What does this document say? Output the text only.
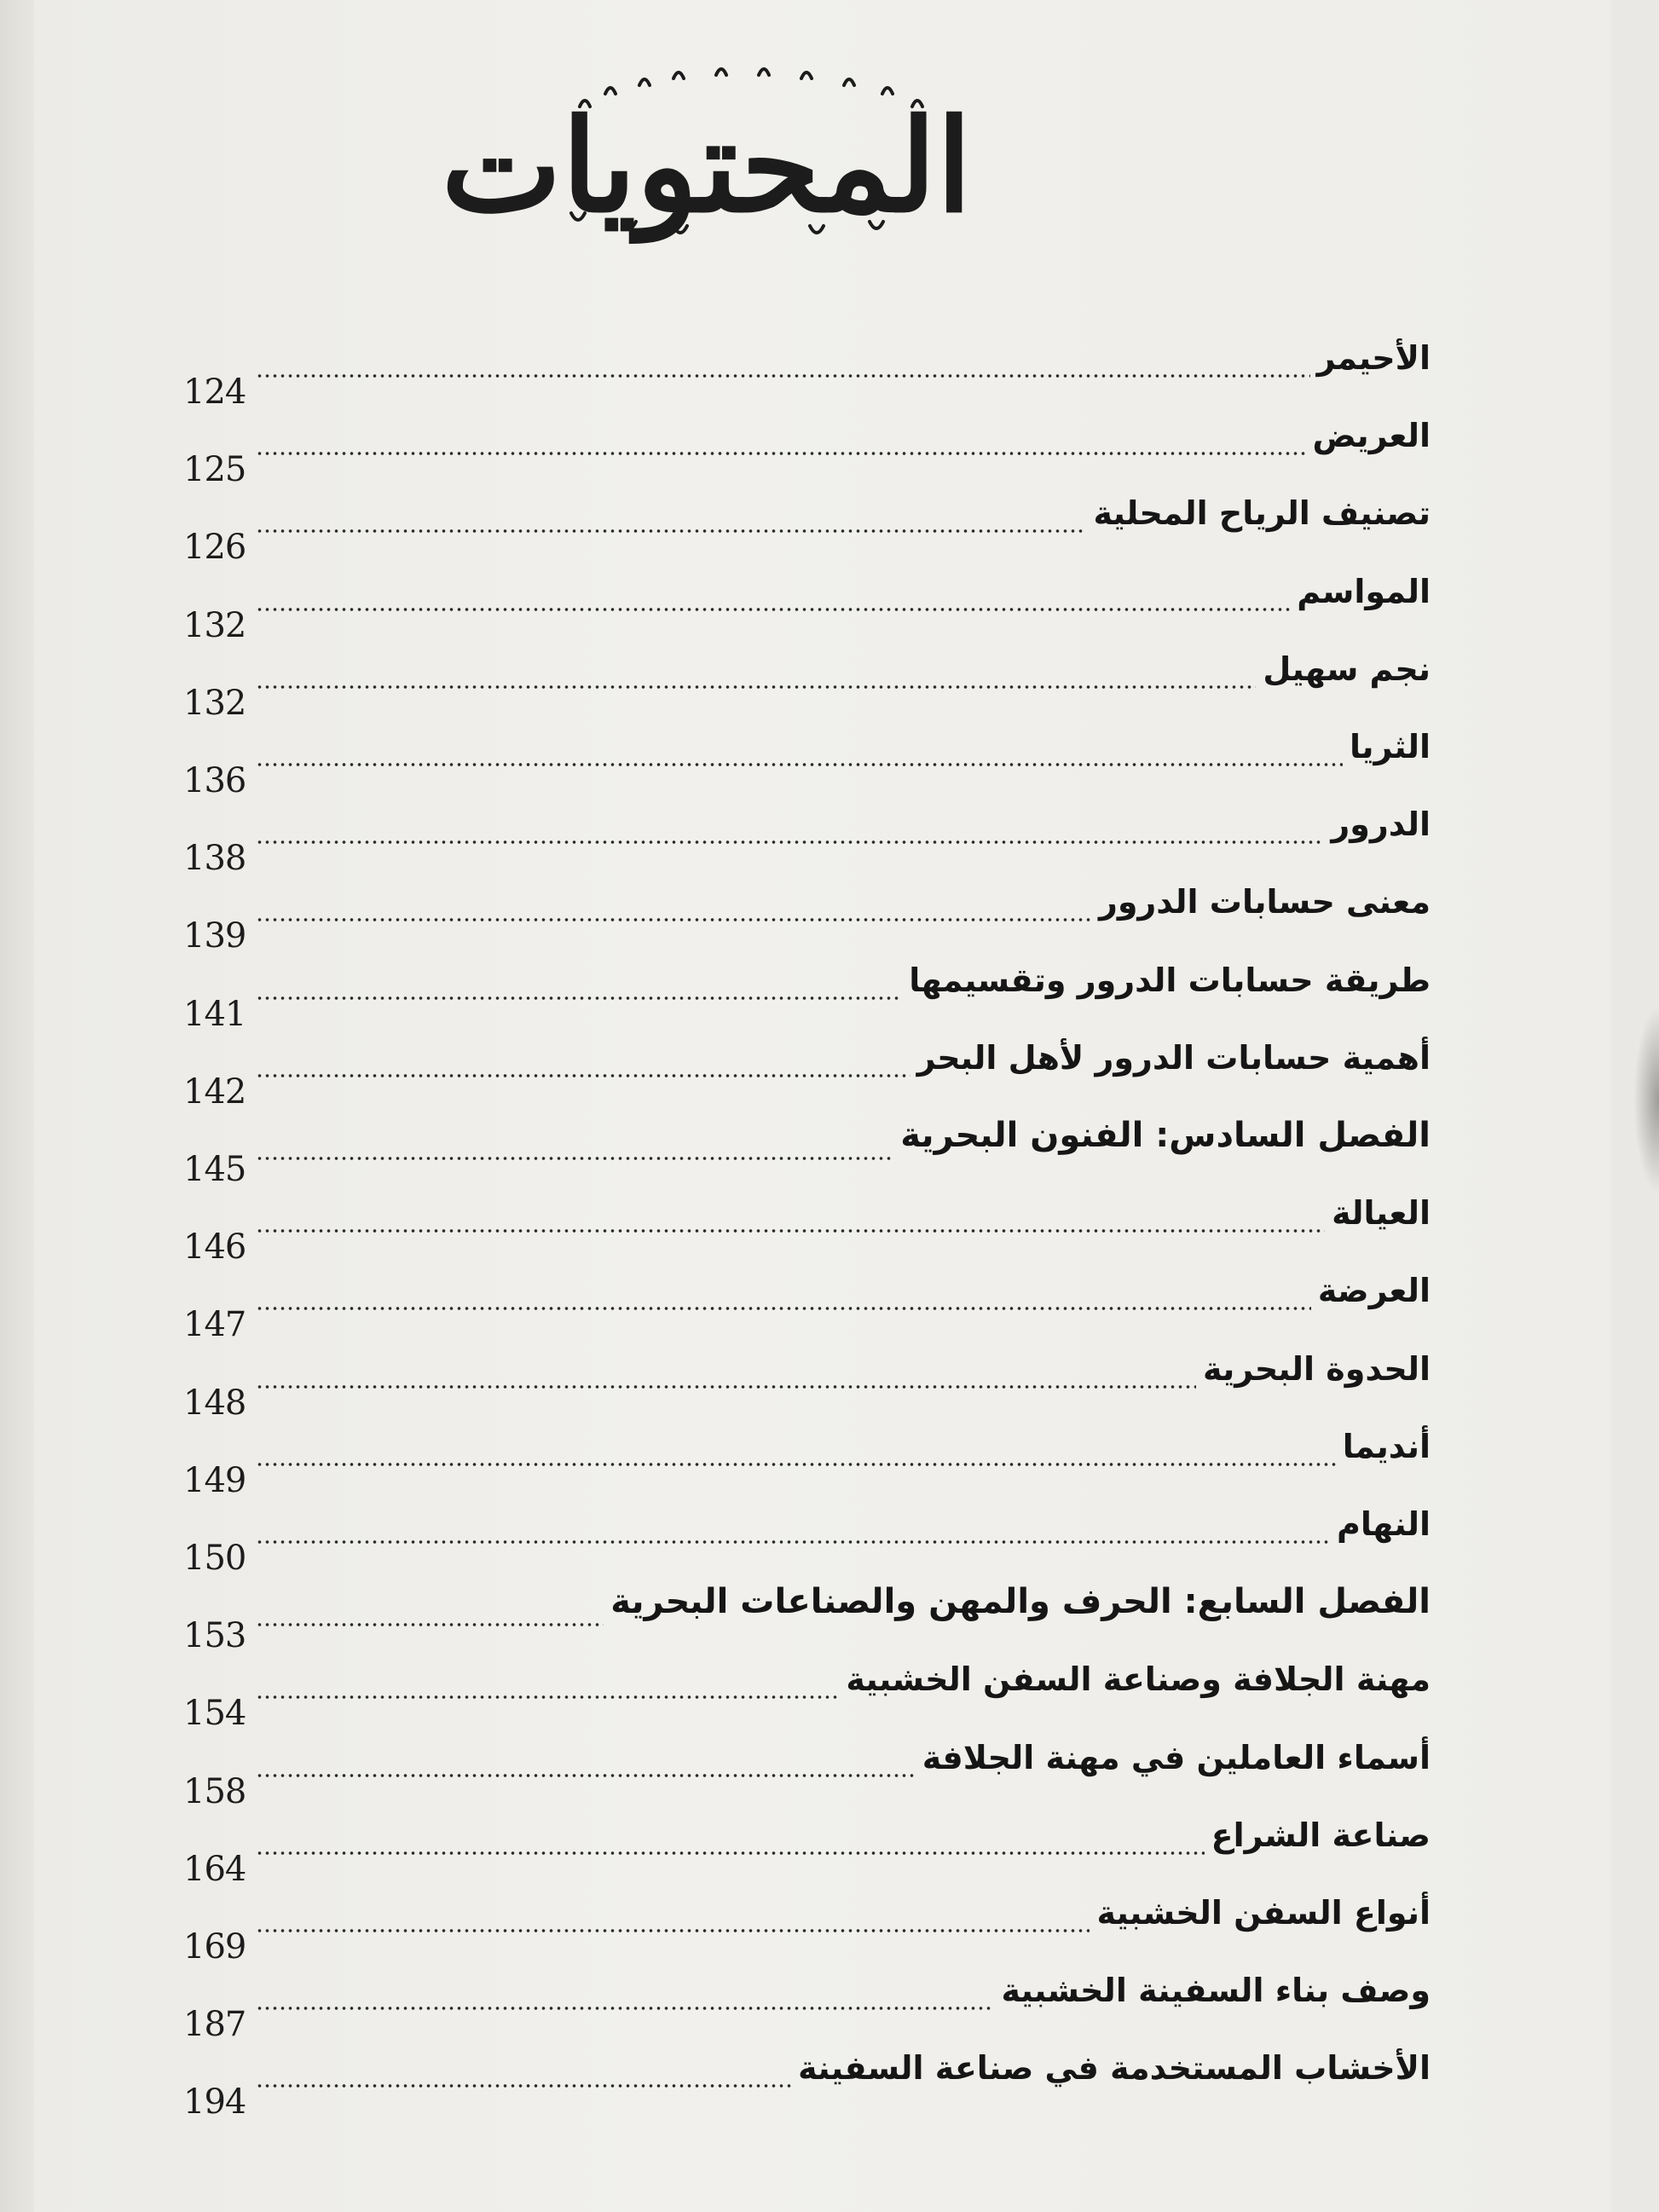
المحتويات
الأحيمر
124
العريض
125
تصنيف الرياح المحلية
126
المواسم
132
نجم سهيل
132
الثريا
136
الدرور
138
معنى حسابات الدرور
139
طريقة حسابات الدرور وتقسيمها
141
أهمية حسابات الدرور لأهل البحر
142
الفصل السادس: الفنون البحرية
145
العيالة
146
العرضة
147
الحدوة البحرية
148
أنديما
149
النهام
150
الفصل السابع: الحرف والمهن والصناعات البحرية
153
مهنة الجلافة وصناعة السفن الخشبية
154
أسماء العاملين في مهنة الجلافة
158
صناعة الشراع
164
أنواع السفن الخشبية
169
وصف بناء السفينة الخشبية
187
الأخشاب المستخدمة في صناعة السفينة
194
